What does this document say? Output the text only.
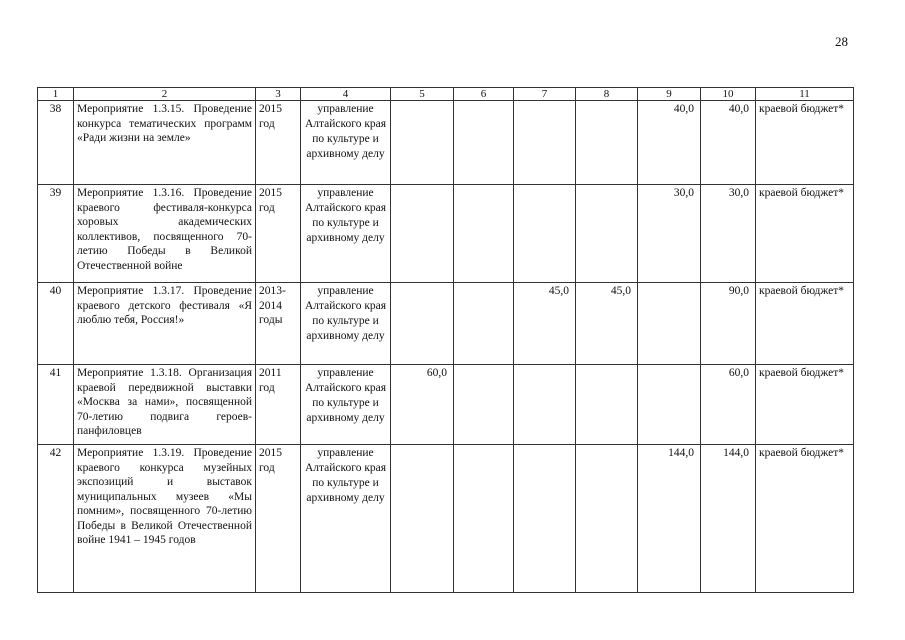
28
1	2	3	4	5	6	7	8	9	10	11
38	Мероприятие 1.3.15. Проведение конкурса тематических программ «Ради жизни на земле»	2015 год	управление Алтайского края по культуре и архивному делу					40,0	40,0	краевой бюджет*
39	Мероприятие 1.3.16. Проведение краевого фестиваля-конкурса хоровых академических коллективов, посвященного 70-летию Победы в Великой Отечественной войне	2015 год	управление Алтайского края по культуре и архивному делу					30,0	30,0	краевой бюджет*
40	Мероприятие 1.3.17. Проведение краевого детского фестиваля «Я люблю тебя, Россия!»	2013-2014 годы	управление Алтайского края по культуре и архивному делу			45,0	45,0		90,0	краевой бюджет*
41	Мероприятие 1.3.18. Организация краевой передвижной выставки «Москва за нами», посвященной 70-летию подвига героев-панфиловцев	2011 год	управление Алтайского края по культуре и архивному делу	60,0					60,0	краевой бюджет*
42	Мероприятие 1.3.19. Проведение краевого конкурса музейных экспозиций и выставок муниципальных музеев «Мы помним», посвященного 70-летию Победы в Великой Отечественной войне 1941 – 1945 годов	2015 год	управление Алтайского края по культуре и архивному делу					144,0	144,0	краевой бюджет*
